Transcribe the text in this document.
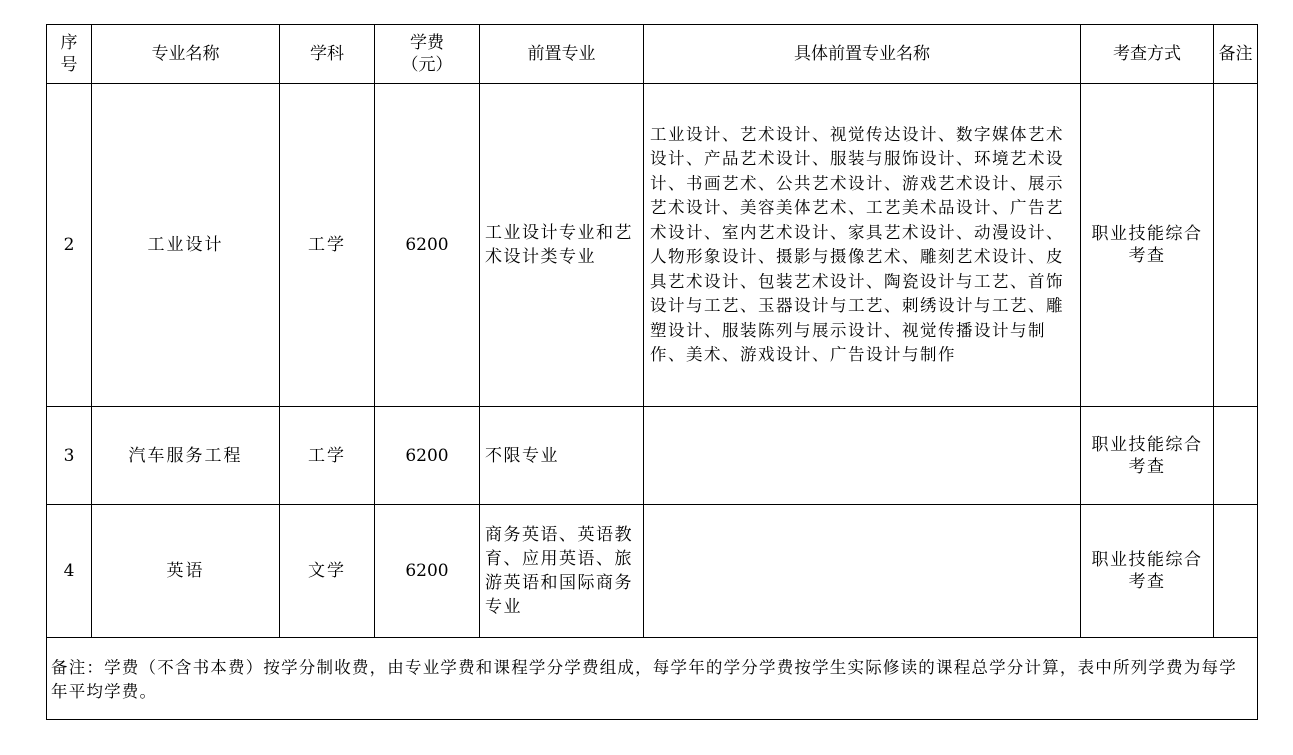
序号	专业名称	学科	学费（元）	前置专业	具体前置专业名称	考查方式	备注
2	工业设计	工学	6200	工业设计专业和艺术设计类专业	工业设计、艺术设计、视觉传达设计、数字媒体艺术设计、产品艺术设计、服装与服饰设计、环境艺术设计、书画艺术、公共艺术设计、游戏艺术设计、展示艺术设计、美容美体艺术、工艺美术品设计、广告艺术设计、室内艺术设计、家具艺术设计、动漫设计、人物形象设计、摄影与摄像艺术、雕刻艺术设计、皮具艺术设计、包装艺术设计、陶瓷设计与工艺、首饰设计与工艺、玉器设计与工艺、刺绣设计与工艺、雕塑设计、服装陈列与展示设计、视觉传播设计与制作、美术、游戏设计、广告设计与制作	职业技能综合考查	
3	汽车服务工程	工学	6200	不限专业		职业技能综合考查	
4	英语	文学	6200	商务英语、英语教育、应用英语、旅游英语和国际商务专业		职业技能综合考查	
备注：学费（不含书本费）按学分制收费，由专业学费和课程学分学费组成，每学年的学分学费按学生实际修读的课程总学分计算，表中所列学费为每学年平均学费。							
